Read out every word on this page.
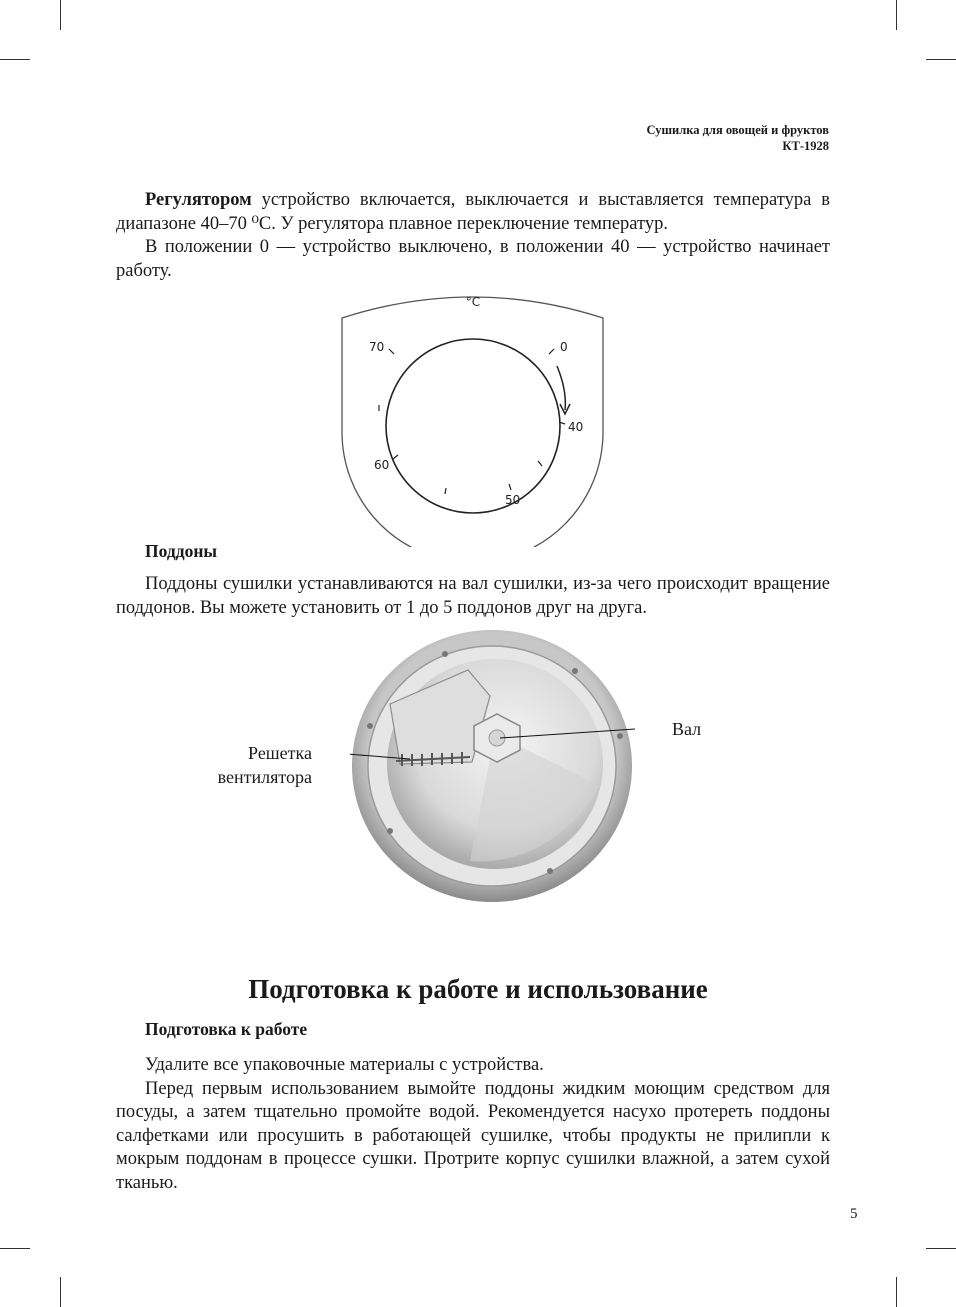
Сушилка для овощей и фруктов
КТ-1928

Регулятором устройство включается, выключается и выставляется температура в диапазоне 40–70 ⁰С. У регулятора плавное переключение температур.

В положении 0 — устройство выключено, в положении 40 — устройство начинает работу.

°C
70	0
40
60
50
Поддоны

Поддоны сушилки устанавливаются на вал сушилки, из-за чего происходит вращение поддонов. Вы можете установить от 1 до 5 поддонов друг на друга.

Решетка
вентилятора
Вал
Подготовка к работе и использование
Подготовка к работе

Удалите все упаковочные материалы с устройства.

Перед первым использованием вымойте поддоны жидким моющим средством для посуды, а затем тщательно промойте водой. Рекомендуется насухо протереть поддоны салфетками или просушить в работающей сушилке, чтобы продукты не прилипли к мокрым поддонам в процессе сушки. Протрите корпус сушилки влажной, а затем сухой тканью.

5
